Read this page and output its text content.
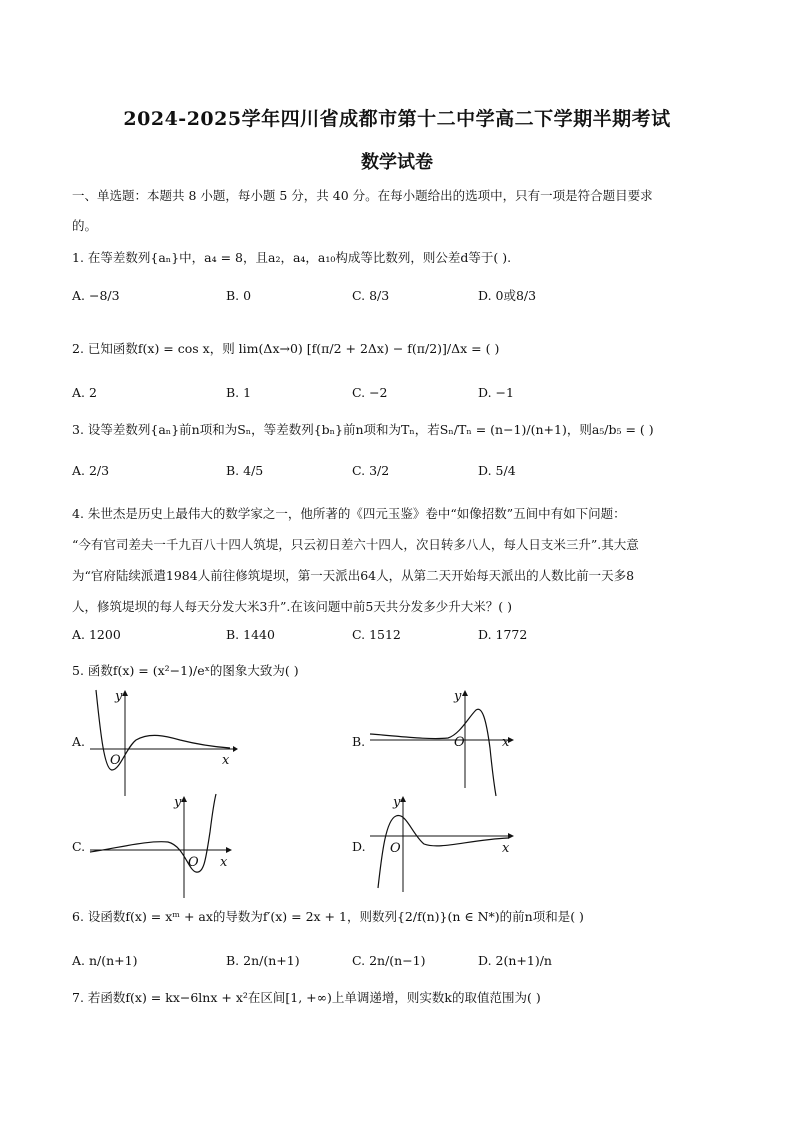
2024-2025学年四川省成都市第十二中学高二下学期半期考试
数学试卷
一、单选题：本题共 8 小题，每小题 5 分，共 40 分。在每小题给出的选项中，只有一项是符合题目要求
的。
1. 在等差数列{aₙ}中，a₄ = 8，且a₂，a₄，a₁₀构成等比数列，则公差d等于( ).
A. −8/3	B. 0	C. 8/3	D. 0或8/3
2. 已知函数f(x) = cos x，则 lim(Δx→0) [f(π/2 + 2Δx) − f(π/2)]/Δx = ( )
A. 2	B. 1	C. −2	D. −1
3. 设等差数列{aₙ}前n项和为Sₙ，等差数列{bₙ}前n项和为Tₙ，若Sₙ/Tₙ = (n−1)/(n+1)，则a₅/b₅ = ( )
A. 2/3	B. 4/5	C. 3/2	D. 5/4
4. 朱世杰是历史上最伟大的数学家之一，他所著的《四元玉鉴》卷中“如像招数”五间中有如下问题：
“今有官司差夫一千九百八十四人筑堤，只云初日差六十四人，次日转多八人，每人日支米三升”.其大意
为“官府陆续派遣1984人前往修筑堤坝，第一天派出64人，从第二天开始每天派出的人数比前一天多8
人，修筑堤坝的每人每天分发大米3升”.在该问题中前5天共分发多少升大米？( )
A. 1200	B. 1440	C. 1512	D. 1772
5. 函数f(x) = (x²−1)/eˣ的图象大致为( )
A.
O	x
y
B.	O	x
y
C.
O x
y
D. O	x
y
6. 设函数f(x) = xᵐ + ax的导数为f′(x) = 2x + 1，则数列{2/f(n)}(n ∈ N*)的前n项和是( )
A. n/(n+1)	B. 2n/(n+1)	C. 2n/(n−1)	D. 2(n+1)/n
7. 若函数f(x) = kx−6lnx + x²在区间[1, +∞)上单调递增，则实数k的取值范围为( )
